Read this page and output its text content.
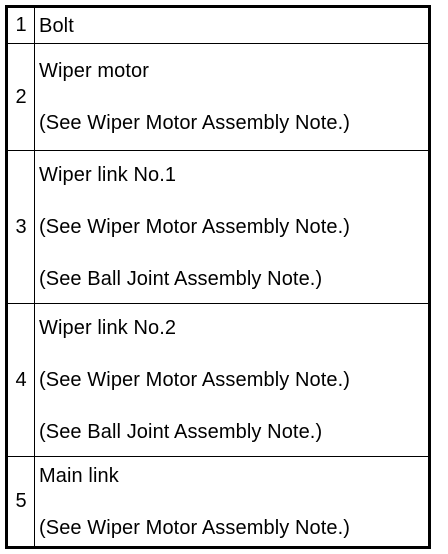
1	Bolt

2	Wiper motor
(See Wiper Motor Assembly Note.)

3	Wiper link No.1
(See Wiper Motor Assembly Note.)
(See Ball Joint Assembly Note.)

4	Wiper link No.2
(See Wiper Motor Assembly Note.)
(See Ball Joint Assembly Note.)

5	Main link
(See Wiper Motor Assembly Note.)
